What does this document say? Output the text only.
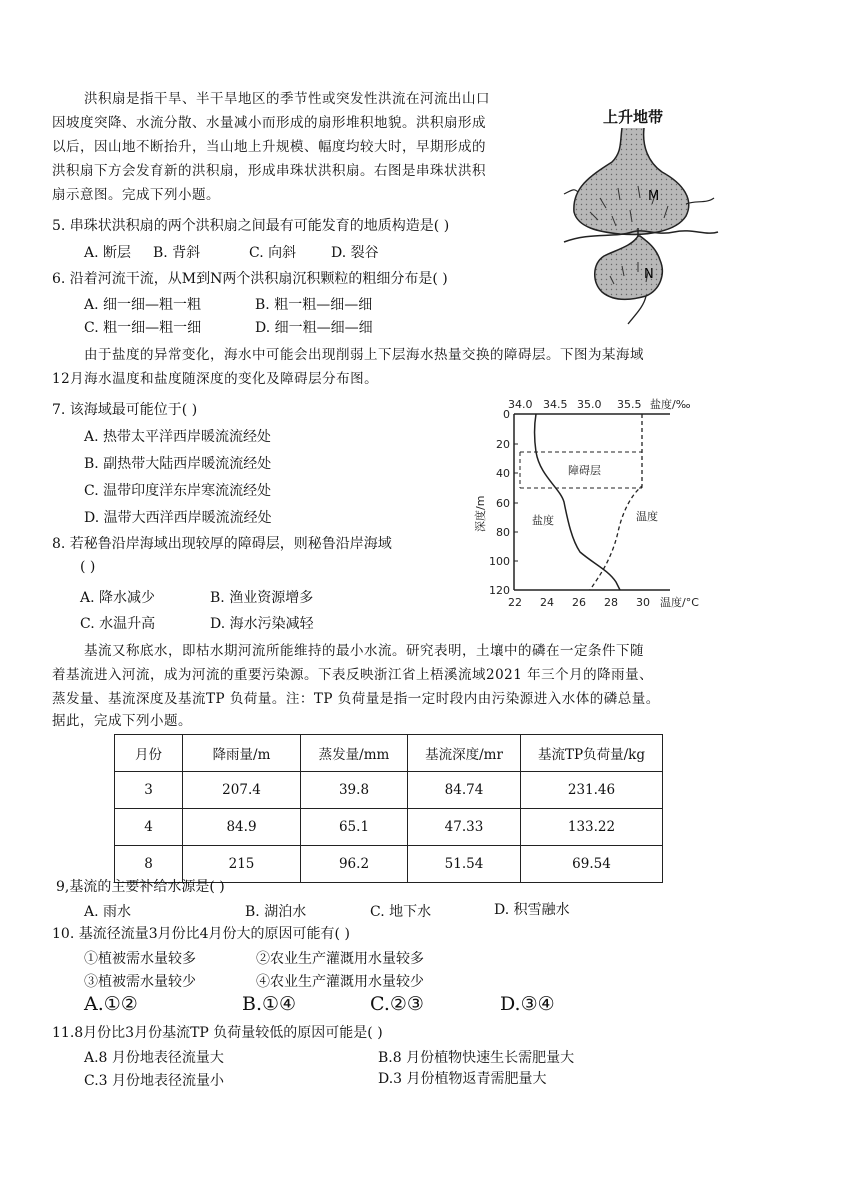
洪积扇是指干旱、半干旱地区的季节性或突发性洪流在河流出山口
因坡度突降、水流分散、水量减小而形成的扇形堆积地貌。洪积扇形成
以后，因山地不断抬升，当山地上升规模、幅度均较大时，早期形成的
洪积扇下方会发育新的洪积扇，形成串珠状洪积扇。右图是串珠状洪积
扇示意图。完成下列小题。
上升地带
M
N
5. 串珠状洪积扇的两个洪积扇之间最有可能发育的地质构造是( )
A. 断层 B. 背斜	C. 向斜 D. 裂谷
6. 沿着河流干流，从M到N两个洪积扇沉积颗粒的粗细分布是( )
A. 细一细—粗一粗	B. 粗一粗—细—细
C. 粗一细—粗一细	D. 细一粗—细—细
由于盐度的异常变化，海水中可能会出现削弱上下层海水热量交换的障碍层。下图为某海域
12月海水温度和盐度随深度的变化及障碍层分布图。
7. 该海域最可能位于( )
A. 热带太平洋西岸暖流流经处
B. 副热带大陆西岸暖流流经处
C. 温带印度洋东岸寒流流经处
D. 温带大西洋西岸暖流流经处
8. 若秘鲁沿岸海域出现较厚的障碍层，则秘鲁沿岸海域
( )
A. 降水减少	B. 渔业资源增多
C. 水温升高	D. 海水污染减轻
34.0 34.5 35.0 35.5 盐度/‰
0
20
40
60
80
100
120
深度/m
22 24 26 28 30 温度/°C
障碍层
盐度	温度
基流又称底水，即枯水期河流所能维持的最小水流。研究表明，土壤中的磷在一定条件下随
着基流进入河流，成为河流的重要污染源。下表反映浙江省上梧溪流域2021 年三个月的降雨量、
蒸发量、基流深度及基流TP 负荷量。注：TP 负荷量是指一定时段内由污染源进入水体的磷总量。
据此，完成下列小题。
月份	降雨量/m	蒸发量/mm	基流深度/mr	基流TP负荷量/kg
3	207.4	39.8	84.74	231.46
4	84.9	65.1	47.33	133.22
8	215	96.2	51.54	69.54
9,基流的主要补给水源是( )
A. 雨水	B. 湖泊水	C. 地下水	D. 积雪融水
10. 基流径流量3月份比4月份大的原因可能有( )
①植被需水量较多	②农业生产灌溉用水量较多
③植被需水量较少	④农业生产灌溉用水量较少
A.①②	B.①④	C.②③	D.③④
11.8月份比3月份基流TP 负荷量较低的原因可能是( )
A.8 月份地表径流量大	B.8 月份植物快速生长需肥量大
C.3 月份地表径流量小	D.3 月份植物返青需肥量大
